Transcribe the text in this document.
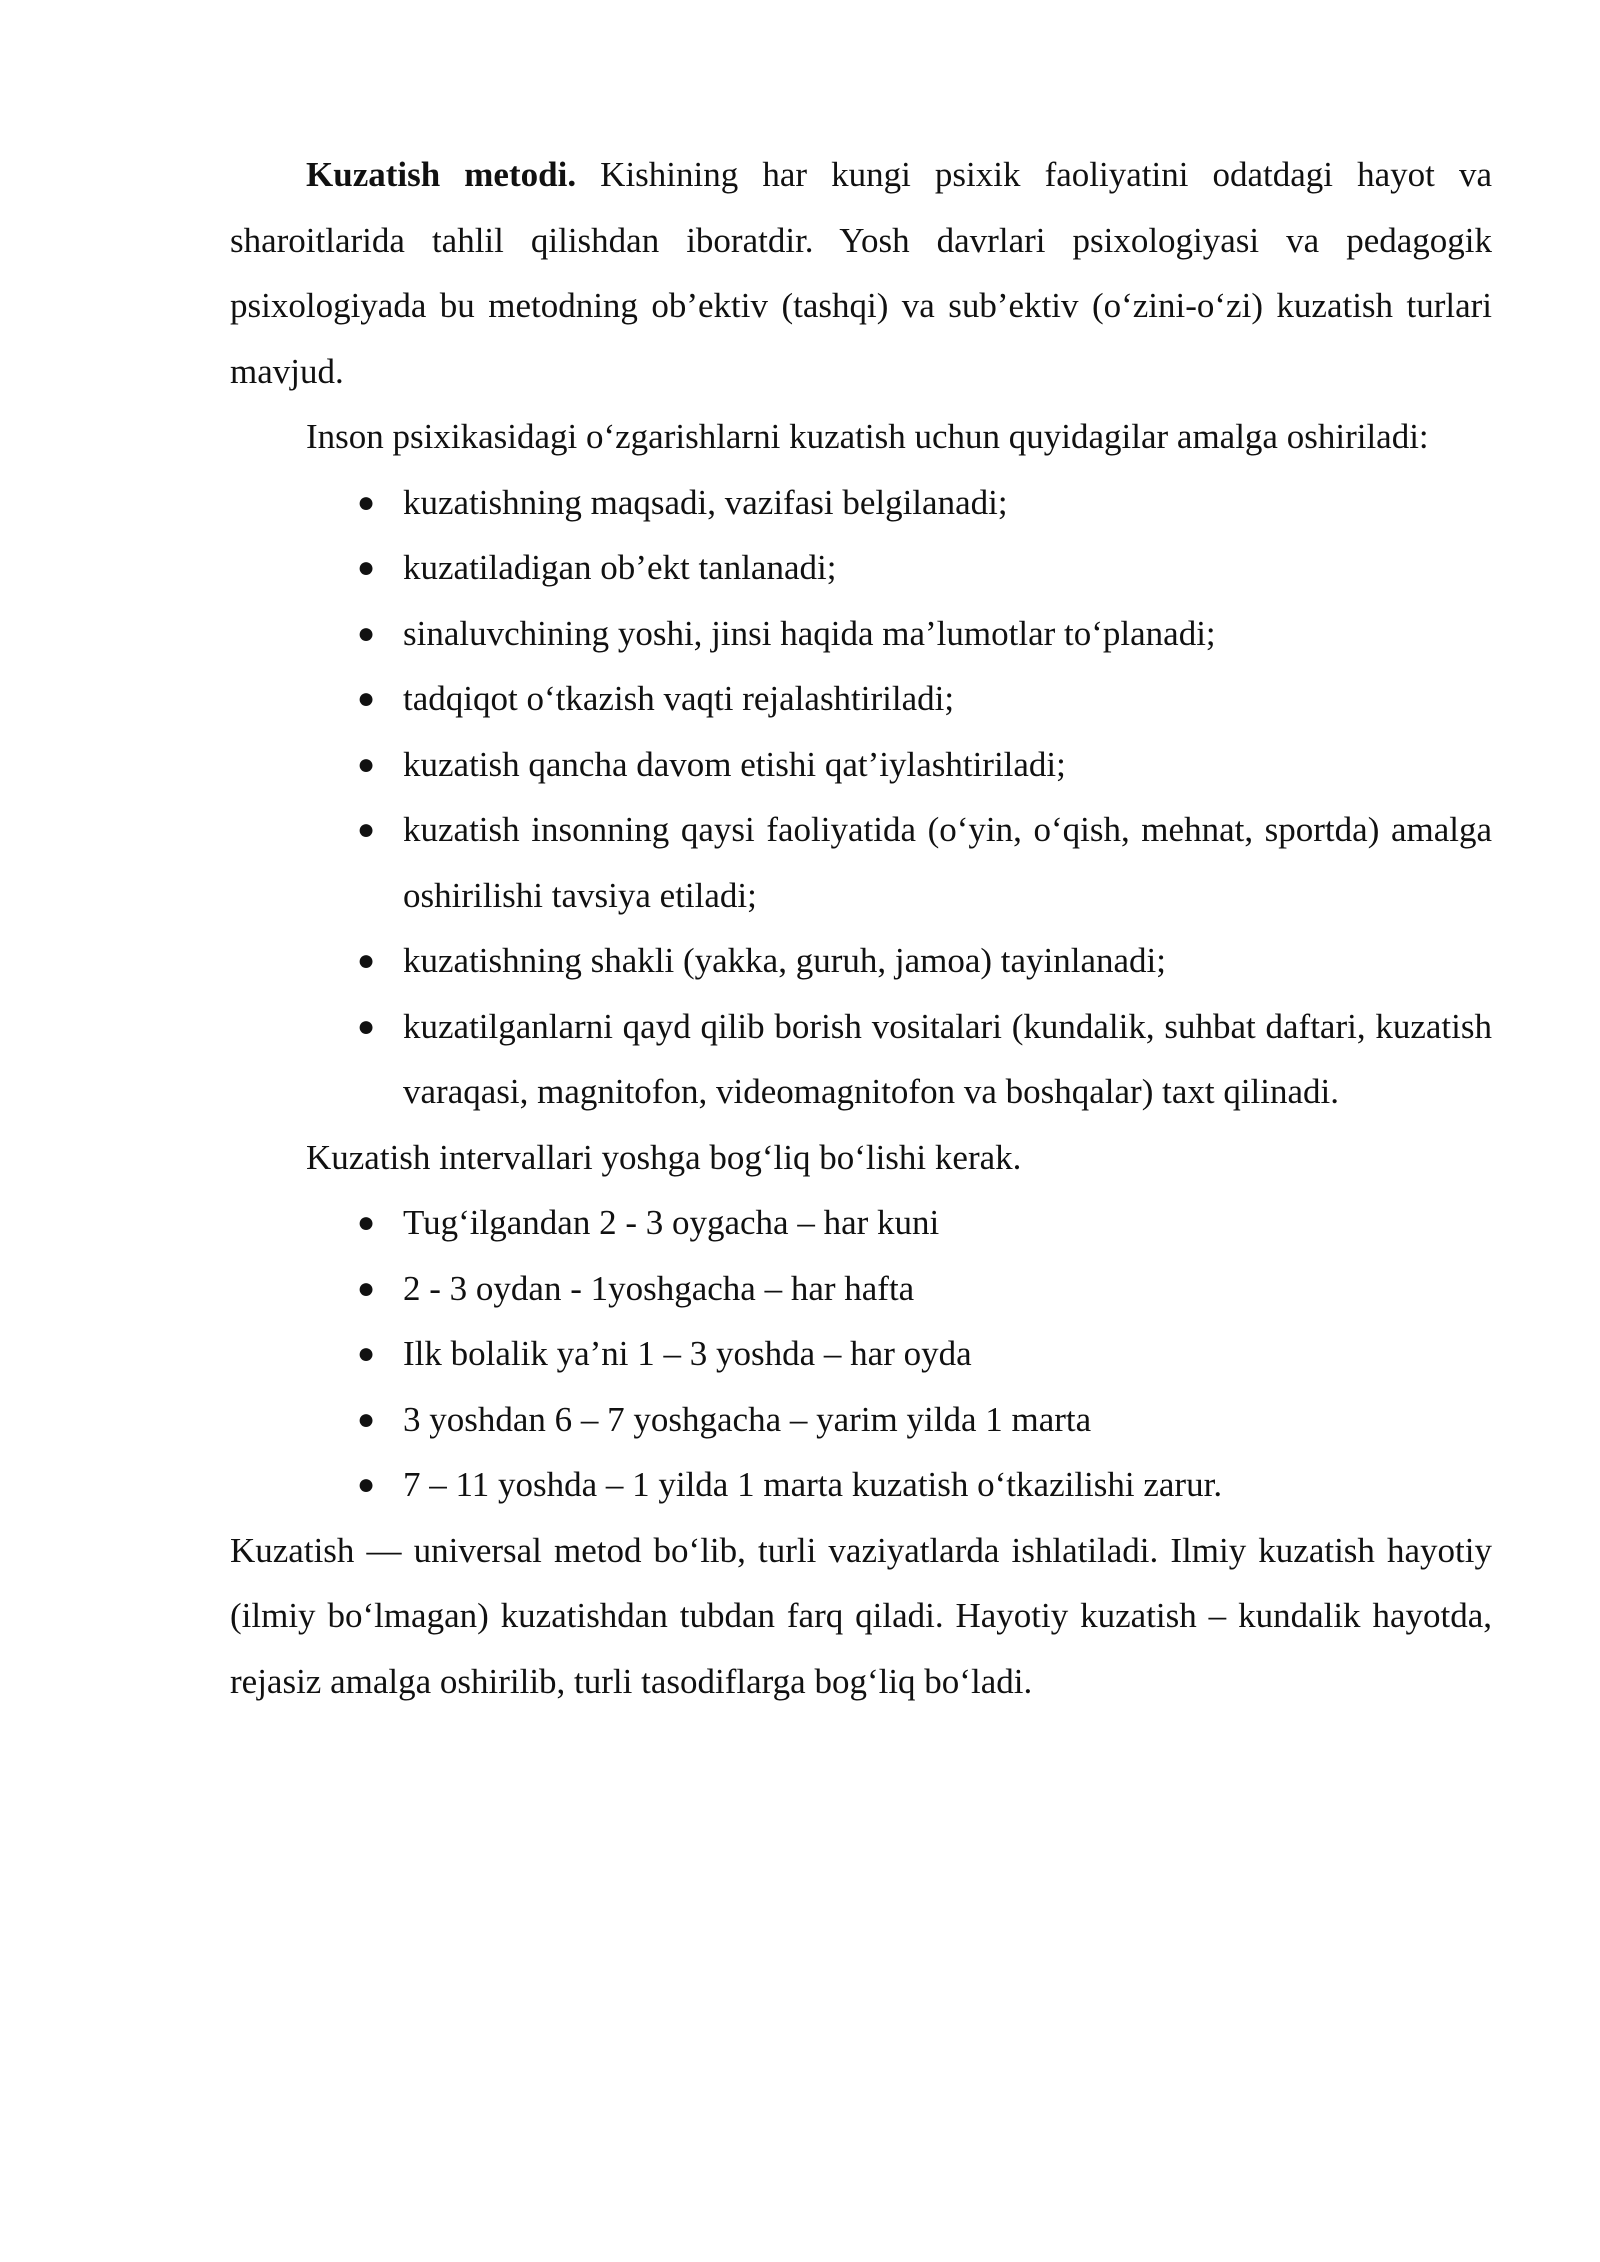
Kuzatish metodi. Kishining har kungi psixik faoliyatini odatdagi hayot va sharoitlarida tahlil qilishdan iboratdir. Yosh davrlari psixologiyasi va pedagogik psixologiyada bu metodning ob’ektiv (tashqi) va sub’ektiv (o‘zini-o‘zi) kuzatish turlari mavjud.

Inson psixikasidagi o‘zgarishlarni kuzatish uchun quyidagilar amalga oshiriladi:

● kuzatishning maqsadi, vazifasi belgilanadi;
● kuzatiladigan ob’ekt tanlanadi;
● sinaluvchining yoshi, jinsi haqida ma’lumotlar to‘planadi;
● tadqiqot o‘tkazish vaqti rejalashtiriladi;
● kuzatish qancha davom etishi qat’iylashtiriladi;
● kuzatish insonning qaysi faoliyatida (o‘yin, o‘qish, mehnat, sportda) amalga oshirilishi tavsiya etiladi;
● kuzatishning shakli (yakka, guruh, jamoa) tayinlanadi;
● kuzatilganlarni qayd qilib borish vositalari (kundalik, suhbat daftari, kuzatish varaqasi, magnitofon, videomagnitofon va boshqalar) taxt qilinadi.

Kuzatish intervallari yoshga bog‘liq bo‘lishi kerak.

● Tug‘ilgandan 2 - 3 oygacha – har kuni
● 2 - 3 oydan - 1yoshgacha – har hafta
● Ilk bolalik ya’ni 1 – 3 yoshda – har oyda
● 3 yoshdan 6 – 7 yoshgacha – yarim yilda 1 marta
● 7 – 11 yoshda – 1 yilda 1 marta kuzatish o‘tkazilishi zarur.

Kuzatish — universal metod bo‘lib, turli vaziyatlarda ishlatiladi. Ilmiy kuzatish hayotiy (ilmiy bo‘lmagan) kuzatishdan tubdan farq qiladi. Hayotiy kuzatish – kundalik hayotda, rejasiz amalga oshirilib, turli tasodiflarga bog‘liq bo‘ladi.
